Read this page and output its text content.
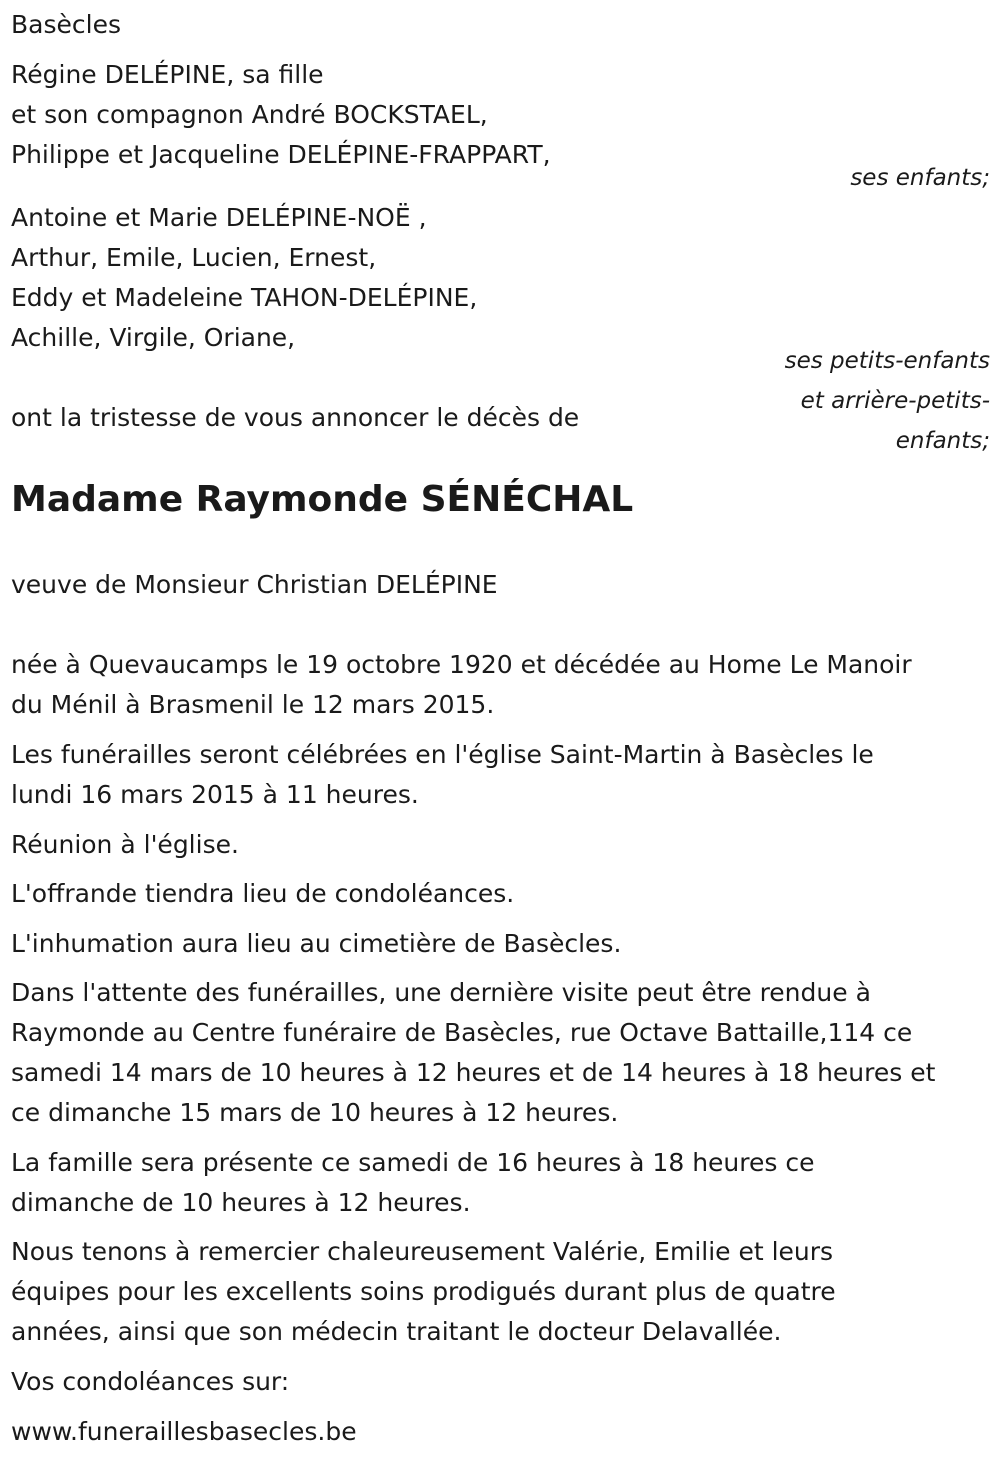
Basècles

Régine DELÉPINE, sa fille

et son compagnon André BOCKSTAEL,

Philippe et Jacqueline DELÉPINE-FRAPPART,

ses enfants;

Antoine et Marie DELÉPINE-NOË ,

Arthur, Emile, Lucien, Ernest,

Eddy et Madeleine TAHON-DELÉPINE,

Achille, Virgile, Oriane,

ses petits-enfants

et arrière-petits-

enfants;

ont la tristesse de vous annoncer le décès de

Madame Raymonde SÉNÉCHAL

veuve de Monsieur Christian DELÉPINE

née à Quevaucamps le 19 octobre 1920 et décédée au Home Le Manoir

du Ménil à Brasmenil le 12 mars 2015.

Les funérailles seront célébrées en l'église Saint-Martin à Basècles le

lundi 16 mars 2015 à 11 heures.

Réunion à l'église.

L'offrande tiendra lieu de condoléances.

L'inhumation aura lieu au cimetière de Basècles.

Dans l'attente des funérailles, une dernière visite peut être rendue à

Raymonde au Centre funéraire de Basècles, rue Octave Battaille,114 ce

samedi 14 mars de 10 heures à 12 heures et de 14 heures à 18 heures et

ce dimanche 15 mars de 10 heures à 12 heures.

La famille sera présente ce samedi de 16 heures à 18 heures ce

dimanche de 10 heures à 12 heures.

Nous tenons à remercier chaleureusement Valérie, Emilie et leurs

équipes pour les excellents soins prodigués durant plus de quatre

années, ainsi que son médecin traitant le docteur Delavallée.

Vos condoléances sur:

www.funeraillesbasecles.be
